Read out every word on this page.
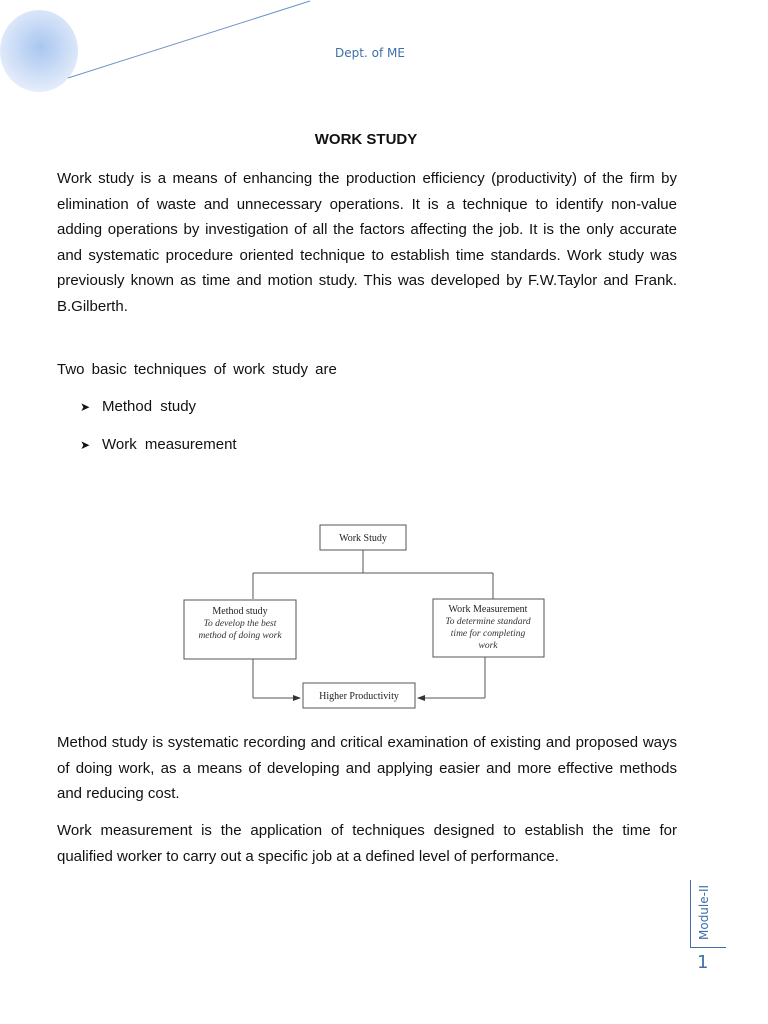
Dept. of ME
WORK STUDY

Work study is a means of enhancing the production efficiency (productivity) of the firm by elimination of waste and unnecessary operations. It is a technique to identify non-value adding operations by investigation of all the factors affecting the job. It is the only accurate and systematic procedure oriented technique to establish time standards. Work study was previously known as time and motion study. This was developed by F.W.Taylor and Frank. B.Gilberth.

Two basic techniques of work study are

➤ Method study
➤ Work measurement
Work Study
Method study
To develop the best
method of doing work
Work Measurement
To determine standard
time for completing
work
Higher Productivity

Method study is systematic recording and critical examination of existing and proposed ways of doing work, as a means of developing and applying easier and more effective methods and reducing cost.

Work measurement is the application of techniques designed to establish the time for qualified worker to carry out a specific job at a defined level of performance.

Module-II
1
